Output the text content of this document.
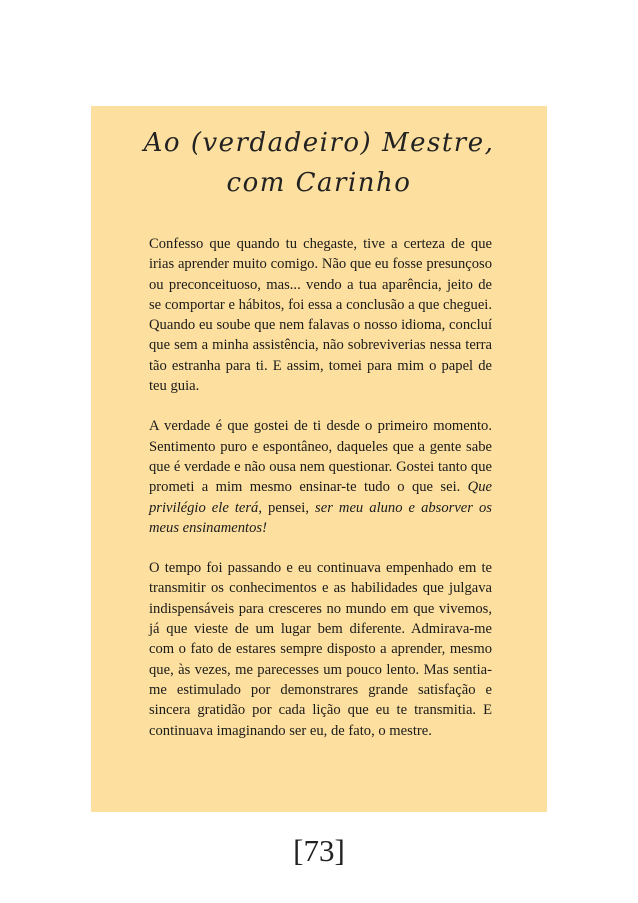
Ao (verdadeiro) Mestre,
com Carinho

Confesso que quando tu chegaste, tive a certeza de que irias aprender muito comigo. Não que eu fosse presunçoso ou preconceituoso, mas... vendo a tua aparência, jeito de se comportar e hábitos, foi essa a conclusão a que cheguei. Quando eu soube que nem falavas o nosso idioma, concluí que sem a minha assistência, não sobreviverias nessa terra tão estranha para ti. E assim, tomei para mim o papel de teu guia.

A verdade é que gostei de ti desde o primeiro momento. Sentimento puro e espontâneo, daqueles que a gente sabe que é verdade e não ousa nem questionar. Gostei tanto que prometi a mim mesmo ensinar-te tudo o que sei. Que privilégio ele terá, pensei, ser meu aluno e absorver os meus ensinamentos!

O tempo foi passando e eu continuava empenhado em te transmitir os conhecimentos e as habilidades que julgava indispensáveis para cresceres no mundo em que vivemos, já que vieste de um lugar bem diferente. Admirava-me com o fato de estares sempre disposto a aprender, mesmo que, às vezes, me parecesses um pouco lento. Mas sentia-me estimulado por demonstrares grande satisfação e sincera gratidão por cada lição que eu te transmitia. E continuava imaginando ser eu, de fato, o mestre.

[73]
